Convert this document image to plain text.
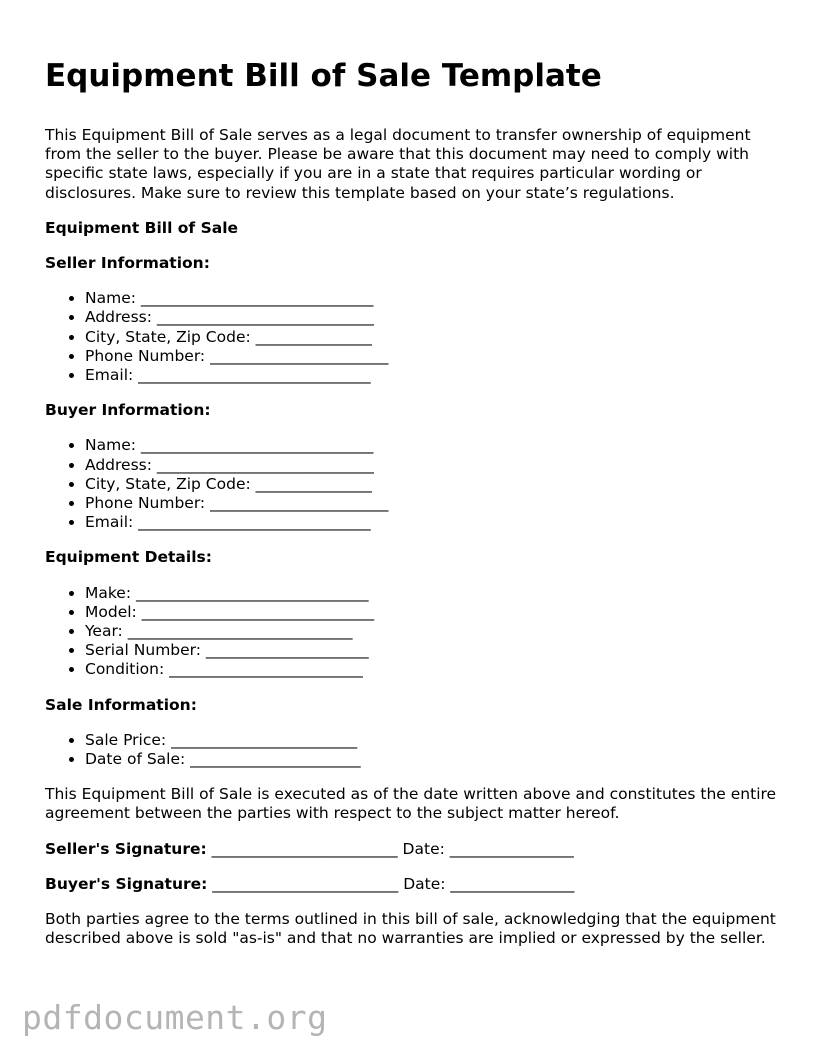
Equipment Bill of Sale Template

This Equipment Bill of Sale serves as a legal document to transfer ownership of equipment from the seller to the buyer. Please be aware that this document may need to comply with specific state laws, especially if you are in a state that requires particular wording or disclosures. Make sure to review this template based on your state’s regulations.

Equipment Bill of Sale
Seller Information:
• Name: ______________________________
• Address: ____________________________
• City, State, Zip Code: _______________
• Phone Number: _______________________
• Email: ______________________________
Buyer Information:
• Name: ______________________________
• Address: ____________________________
• City, State, Zip Code: _______________
• Phone Number: _______________________
• Email: ______________________________
Equipment Details:
• Make: ______________________________
• Model: ______________________________
• Year: _____________________________
• Serial Number: _____________________
• Condition: _________________________
Sale Information:
• Sale Price: ________________________
• Date of Sale: ______________________

This Equipment Bill of Sale is executed as of the date written above and constitutes the entire agreement between the parties with respect to the subject matter hereof.

Seller's Signature: ________________________ Date: ________________
Buyer's Signature: ________________________ Date: ________________

Both parties agree to the terms outlined in this bill of sale, acknowledging that the equipment described above is sold "as-is" and that no warranties are implied or expressed by the seller.

pdfdocument.org
